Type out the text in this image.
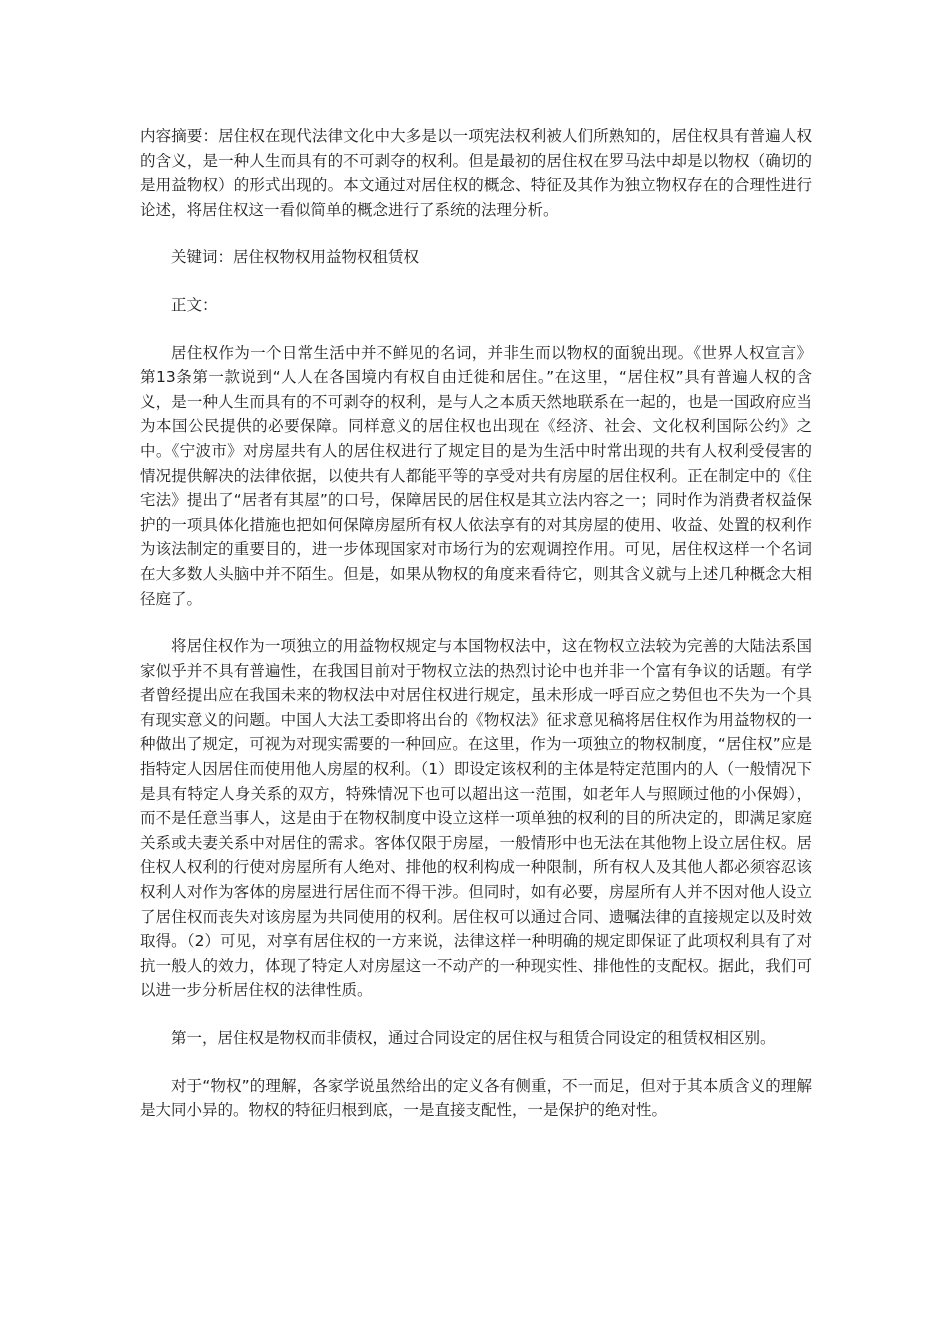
内容摘要：居住权在现代法律文化中大多是以一项宪法权利被人们所熟知的，居住权具有普遍人权的含义，是一种人生而具有的不可剥夺的权利。但是最初的居住权在罗马法中却是以物权（确切的是用益物权）的形式出现的。本文通过对居住权的概念、特征及其作为独立物权存在的合理性进行论述，将居住权这一看似简单的概念进行了系统的法理分析。

关键词：居住权物权用益物权租赁权

正文：

居住权作为一个日常生活中并不鲜见的名词，并非生而以物权的面貌出现。《世界人权宣言》第13条第一款说到“人人在各国境内有权自由迁徙和居住。”在这里，“居住权”具有普遍人权的含义，是一种人生而具有的不可剥夺的权利，是与人之本质天然地联系在一起的，也是一国政府应当为本国公民提供的必要保障。同样意义的居住权也出现在《经济、社会、文化权利国际公约》之中。《宁波市》对房屋共有人的居住权进行了规定目的是为生活中时常出现的共有人权利受侵害的情况提供解决的法律依据，以使共有人都能平等的享受对共有房屋的居住权利。正在制定中的《住宅法》提出了“居者有其屋”的口号，保障居民的居住权是其立法内容之一；同时作为消费者权益保护的一项具体化措施也把如何保障房屋所有权人依法享有的对其房屋的使用、收益、处置的权利作为该法制定的重要目的，进一步体现国家对市场行为的宏观调控作用。可见，居住权这样一个名词在大多数人头脑中并不陌生。但是，如果从物权的角度来看待它，则其含义就与上述几种概念大相径庭了。

将居住权作为一项独立的用益物权规定与本国物权法中，这在物权立法较为完善的大陆法系国家似乎并不具有普遍性，在我国目前对于物权立法的热烈讨论中也并非一个富有争议的话题。有学者曾经提出应在我国未来的物权法中对居住权进行规定，虽未形成一呼百应之势但也不失为一个具有现实意义的问题。中国人大法工委即将出台的《物权法》征求意见稿将居住权作为用益物权的一种做出了规定，可视为对现实需要的一种回应。在这里，作为一项独立的物权制度，“居住权”应是指特定人因居住而使用他人房屋的权利。（1）即设定该权利的主体是特定范围内的人（一般情况下是具有特定人身关系的双方，特殊情况下也可以超出这一范围，如老年人与照顾过他的小保姆），而不是任意当事人，这是由于在物权制度中设立这样一项单独的权利的目的所决定的，即满足家庭关系或夫妻关系中对居住的需求。客体仅限于房屋，一般情形中也无法在其他物上设立居住权。居住权人权利的行使对房屋所有人绝对、排他的权利构成一种限制，所有权人及其他人都必须容忍该权利人对作为客体的房屋进行居住而不得干涉。但同时，如有必要，房屋所有人并不因对他人设立了居住权而丧失对该房屋为共同使用的权利。居住权可以通过合同、遗嘱法律的直接规定以及时效取得。（2）可见，对享有居住权的一方来说，法律这样一种明确的规定即保证了此项权利具有了对抗一般人的效力，体现了特定人对房屋这一不动产的一种现实性、排他性的支配权。据此，我们可以进一步分析居住权的法律性质。

第一，居住权是物权而非债权，通过合同设定的居住权与租赁合同设定的租赁权相区别。

对于“物权”的理解，各家学说虽然给出的定义各有侧重，不一而足，但对于其本质含义的理解是大同小异的。物权的特征归根到底，一是直接支配性，一是保护的绝对性。
